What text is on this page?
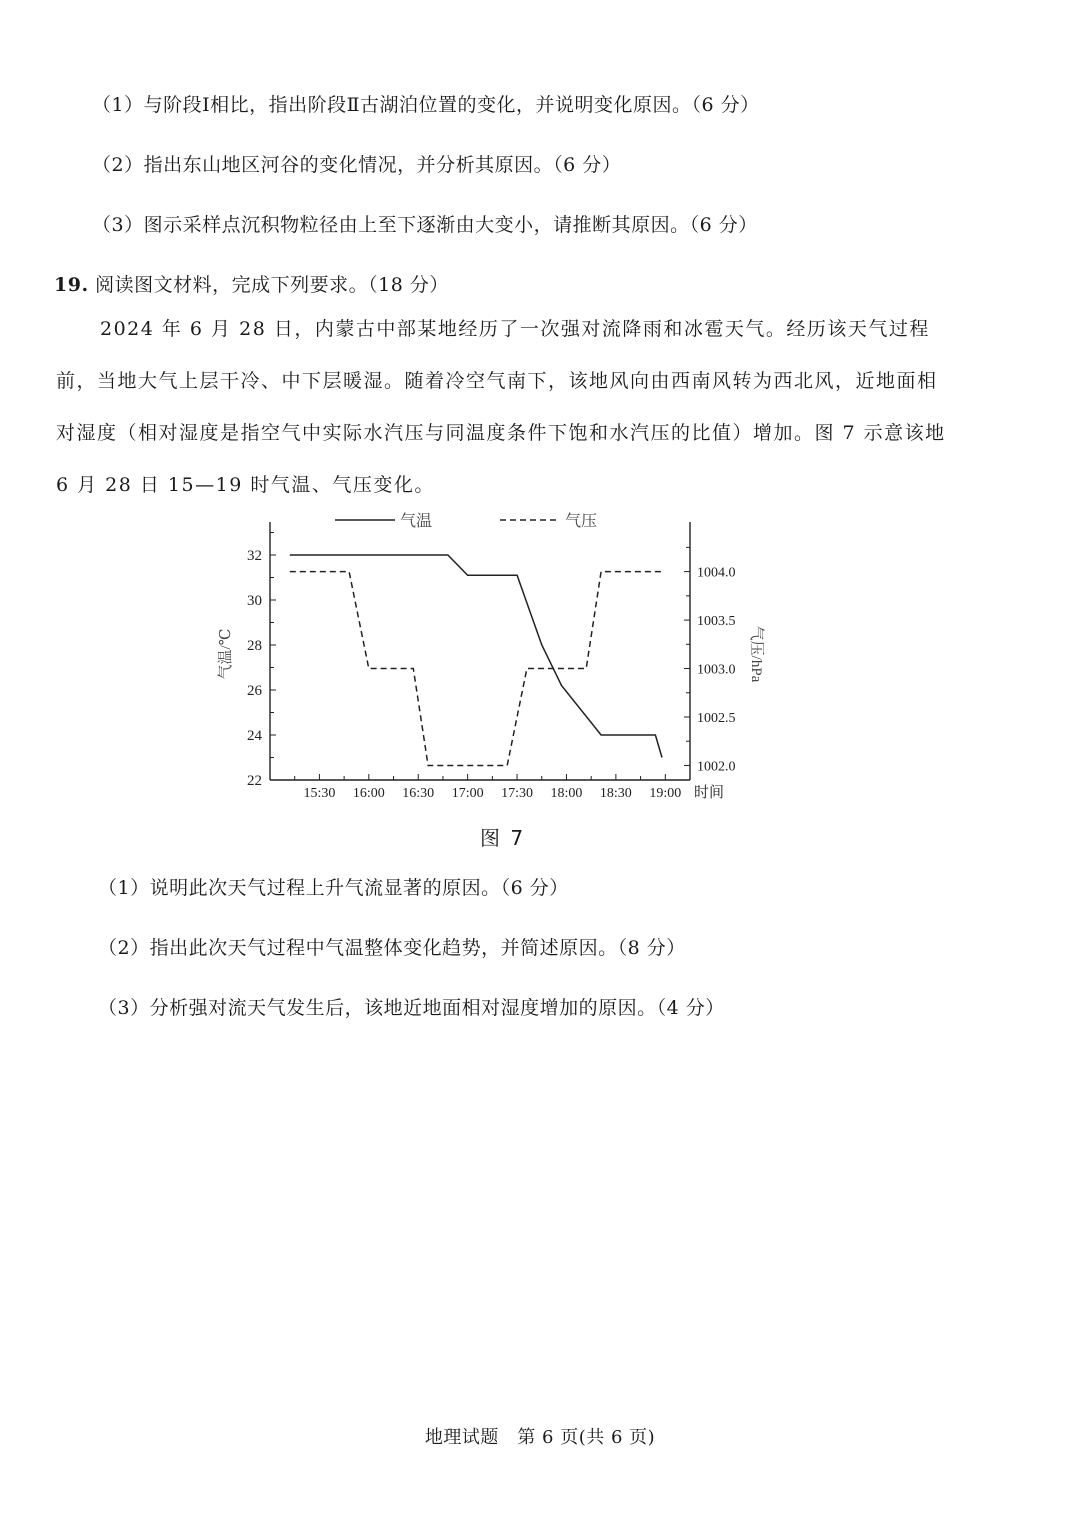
（1）与阶段Ⅰ相比，指出阶段Ⅱ古湖泊位置的变化，并说明变化原因。（6 分）
（2）指出东山地区河谷的变化情况，并分析其原因。（6 分）
（3）图示采样点沉积物粒径由上至下逐渐由大变小，请推断其原因。（6 分）
19. 阅读图文材料，完成下列要求。（18 分）
2024 年 6 月 28 日，内蒙古中部某地经历了一次强对流降雨和冰雹天气。经历该天气过程前，当地大气上层干冷、中下层暖湿。随着冷空气南下，该地风向由西南风转为西北风，近地面相对湿度（相对湿度是指空气中实际水汽压与同温度条件下饱和水汽压的比值）增加。图 7 示意该地 6 月 28 日 15—19 时气温、气压变化。
气温	气压
15:30 16:00 16:30 17:00 17:30 18:00 18:30 19:00 时间
22
24
26
28
30
32
气温/℃
1002.0
1002.5
1003.0
1003.5
1004.0
气压/hPa
图 7
（1）说明此次天气过程上升气流显著的原因。（6 分）
（2）指出此次天气过程中气温整体变化趋势，并简述原因。（8 分）
（3）分析强对流天气发生后，该地近地面相对湿度增加的原因。（4 分）
地理试题　第 6 页(共 6 页)
